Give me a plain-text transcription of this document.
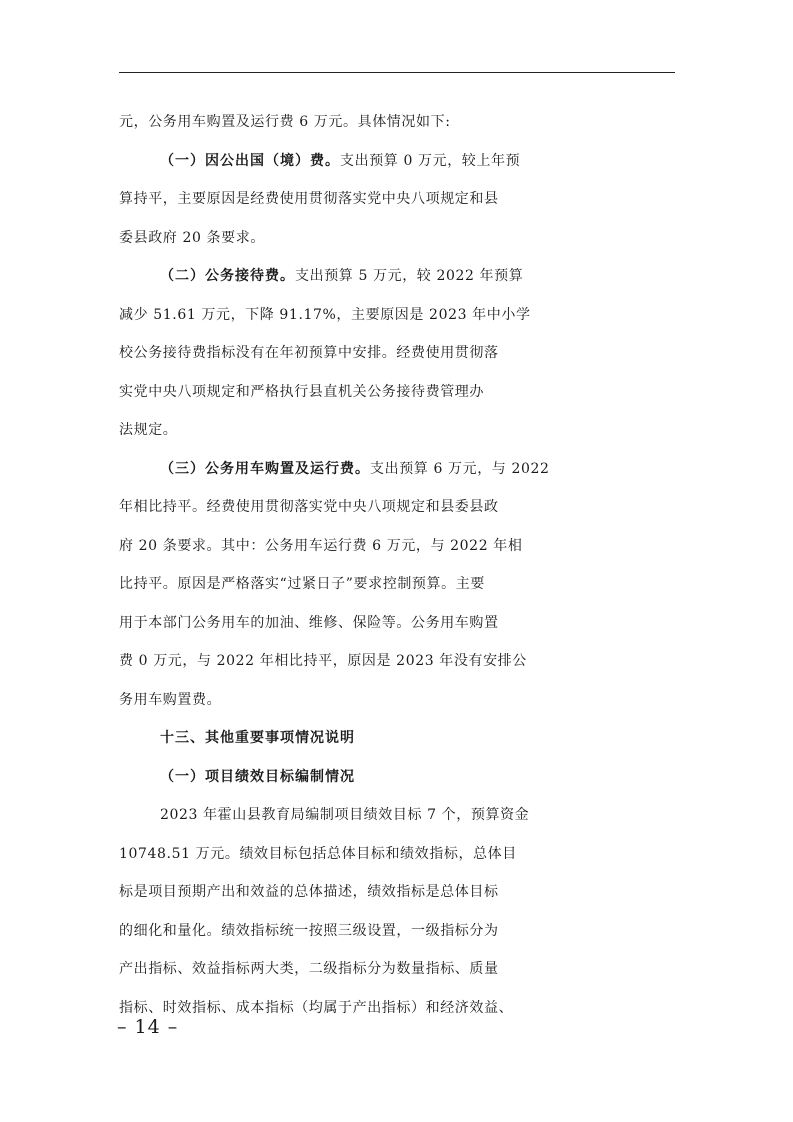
元，公务用车购置及运行费 6 万元。具体情况如下:
（一）因公出国（境）费。支出预算 0 万元，较上年预
算持平，主要原因是经费使用贯彻落实党中央八项规定和县
委县政府 20 条要求。
（二）公务接待费。支出预算 5 万元，较 2022 年预算
减少 51.61 万元，下降 91.17%，主要原因是 2023 年中小学
校公务接待费指标没有在年初预算中安排。经费使用贯彻落
实党中央八项规定和严格执行县直机关公务接待费管理办
法规定。
（三）公务用车购置及运行费。支出预算 6 万元，与 2022
年相比持平。经费使用贯彻落实党中央八项规定和县委县政
府 20 条要求。其中：公务用车运行费 6 万元，与 2022 年相
比持平。原因是严格落实“过紧日子”要求控制预算。主要
用于本部门公务用车的加油、维修、保险等。公务用车购置
费 0 万元，与 2022 年相比持平，原因是 2023 年没有安排公
务用车购置费。
十三、其他重要事项情况说明
（一）项目绩效目标编制情况
2023 年霍山县教育局编制项目绩效目标 7 个，预算资金
10748.51 万元。绩效目标包括总体目标和绩效指标，总体目
标是项目预期产出和效益的总体描述，绩效指标是总体目标
的细化和量化。绩效指标统一按照三级设置，一级指标分为
产出指标、效益指标两大类，二级指标分为数量指标、质量
指标、时效指标、成本指标（均属于产出指标）和经济效益、
– 14 –
